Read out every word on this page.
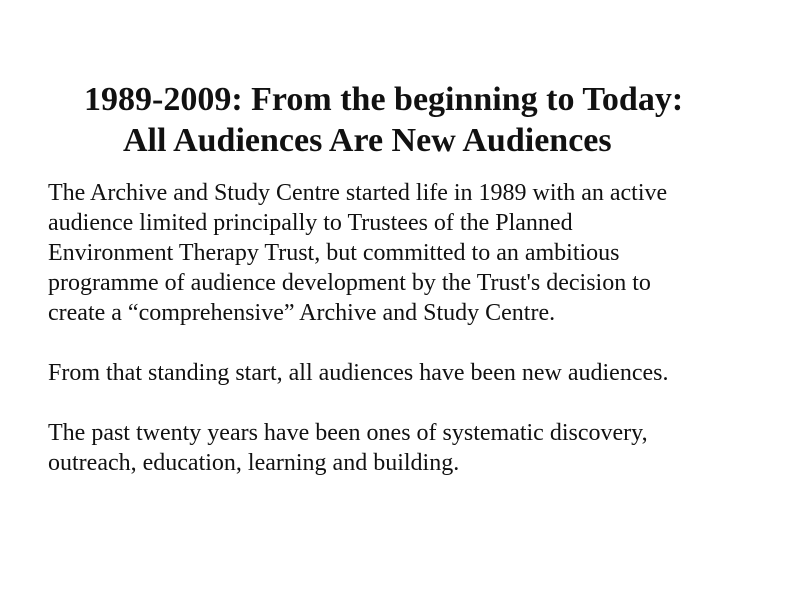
1989-2009: From the beginning to Today:
All Audiences Are New Audiences

The Archive and Study Centre started life in 1989 with an active
audience limited principally to Trustees of the Planned
Environment Therapy Trust, but committed to an ambitious
programme of audience development by the Trust's decision to
create a “comprehensive” Archive and Study Centre.

From that standing start, all audiences have been new audiences.

The past twenty years have been ones of systematic discovery,
outreach, education, learning and building.
